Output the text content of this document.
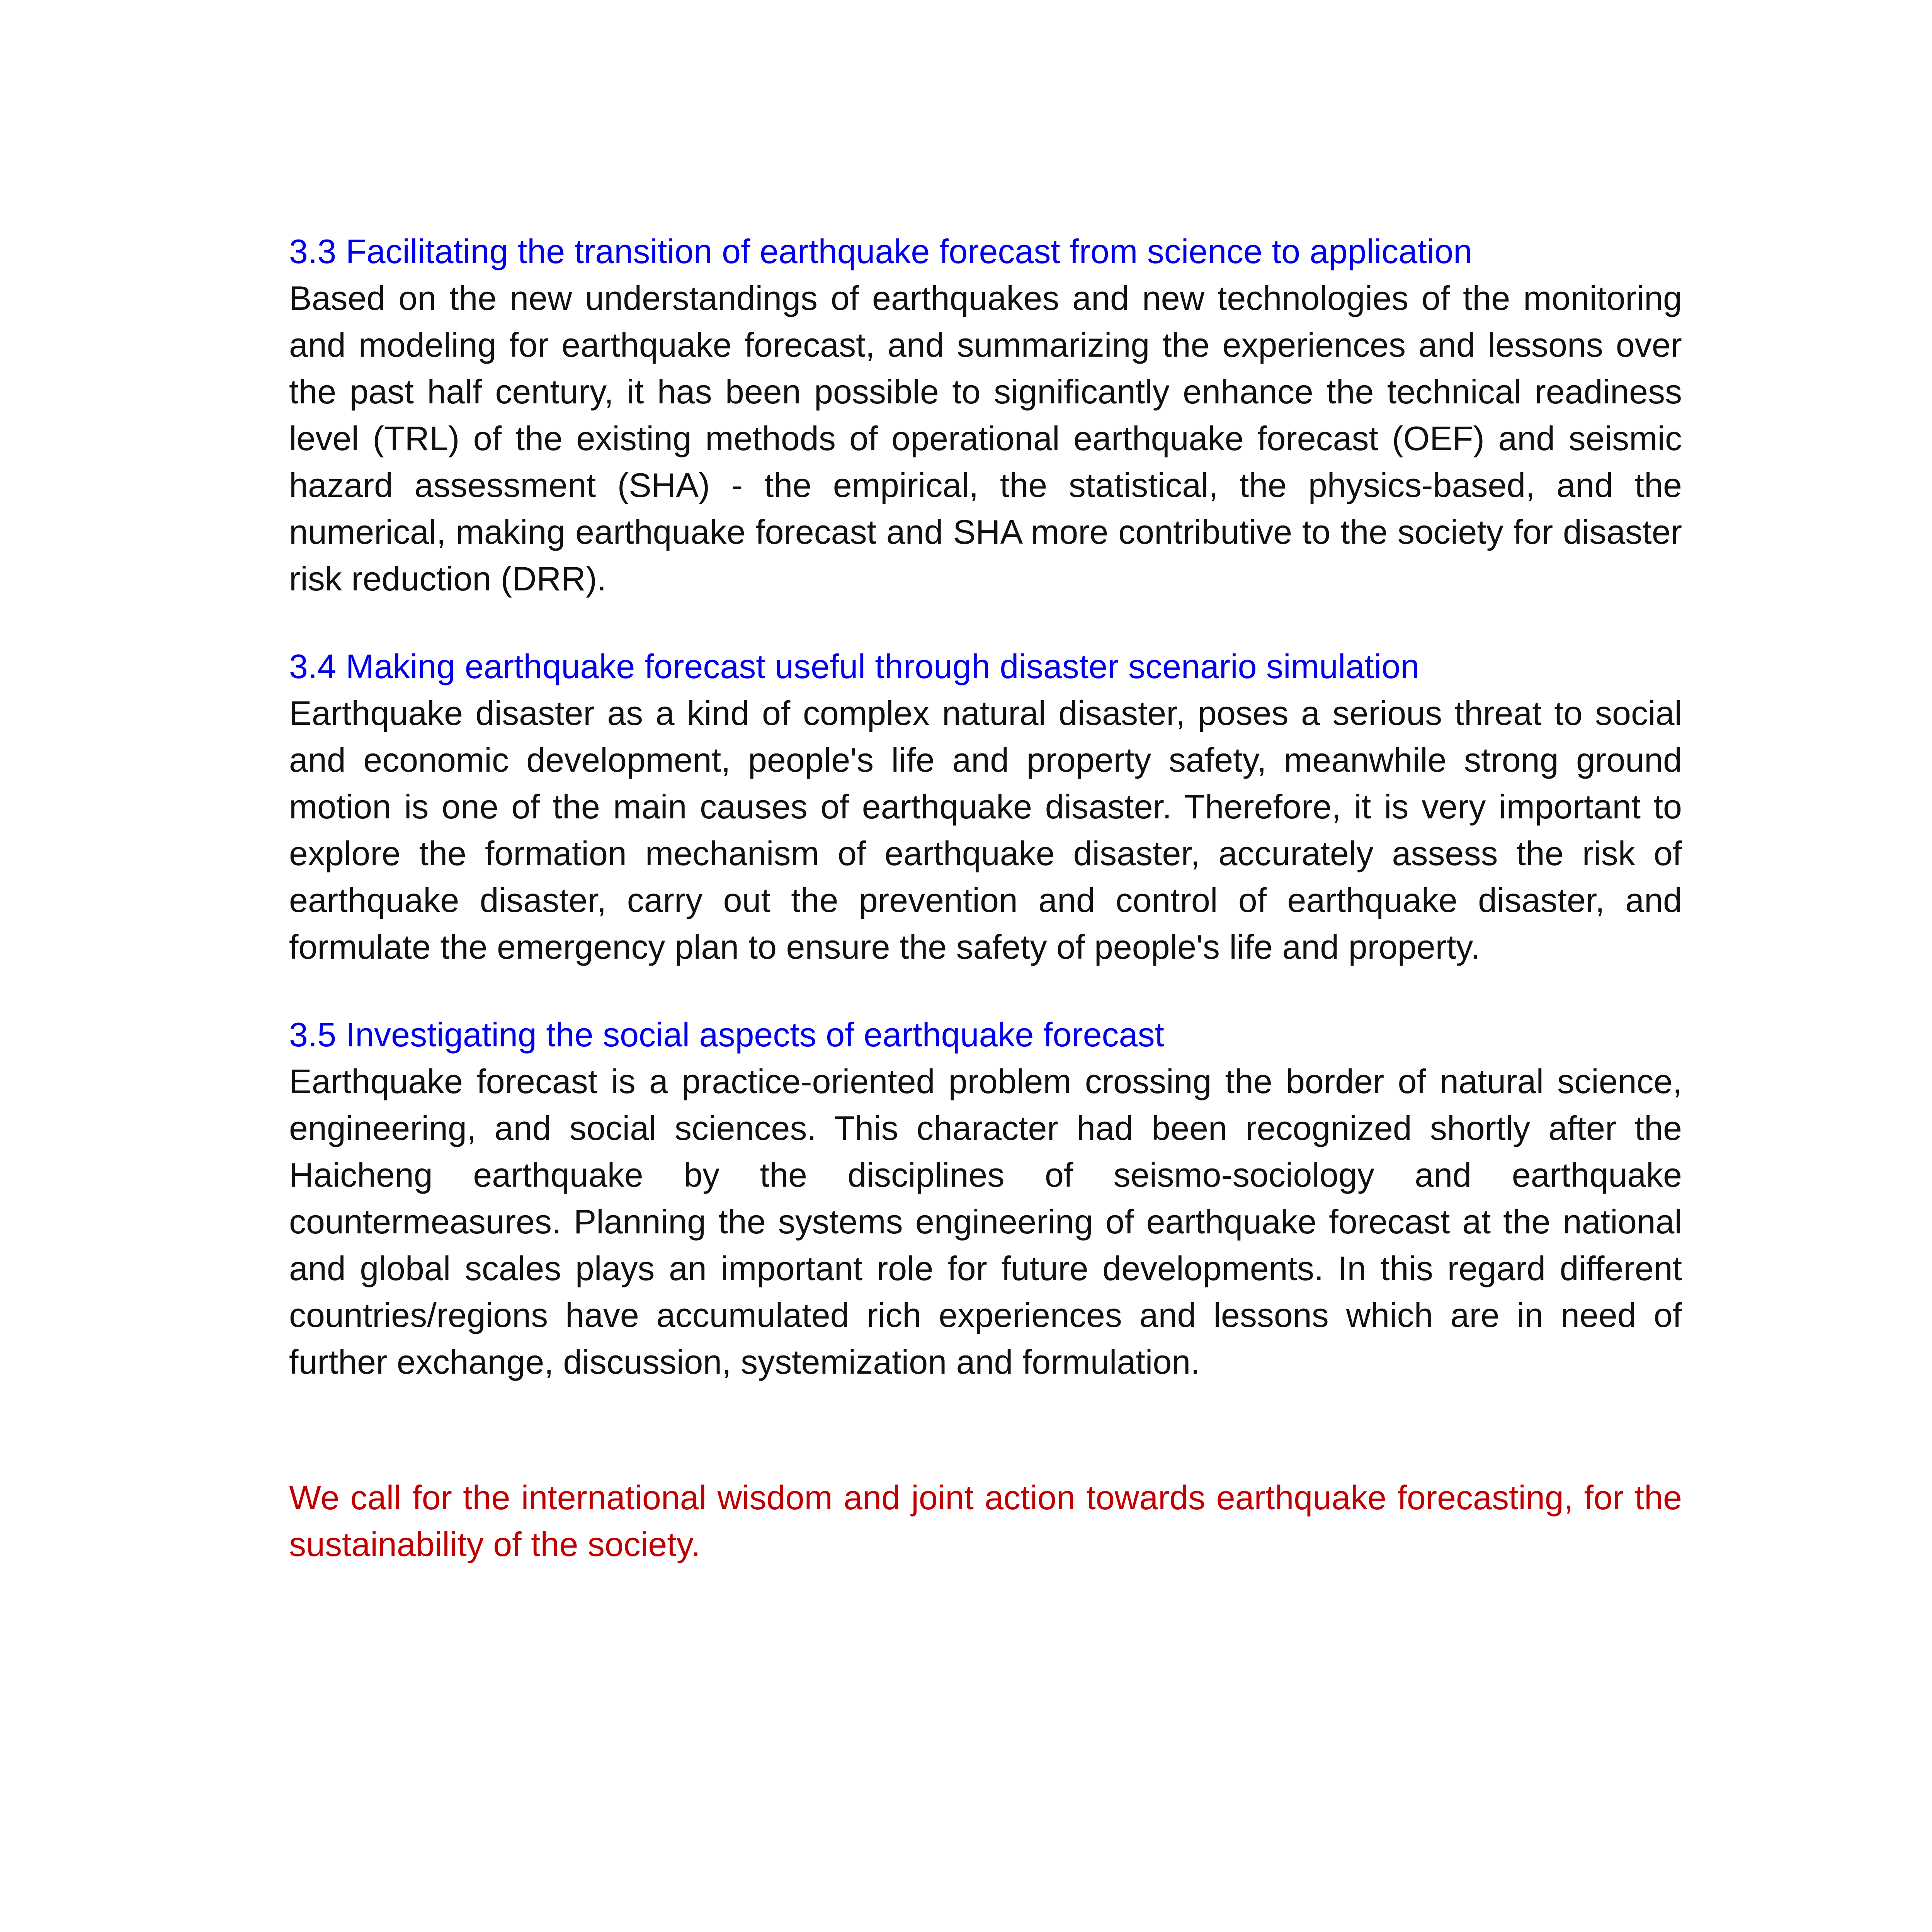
3.3 Facilitating the transition of earthquake forecast from science to application

Based on the new understandings of earthquakes and new technologies of the monitoring and modeling for earthquake forecast, and summarizing the experiences and lessons over the past half century, it has been possible to significantly enhance the technical readiness level (TRL) of the existing methods of operational earthquake forecast (OEF) and seismic hazard assessment (SHA) - the empirical, the statistical, the physics-based, and the numerical, making earthquake forecast and SHA more contributive to the society for disaster risk reduction (DRR).

3.4 Making earthquake forecast useful through disaster scenario simulation

Earthquake disaster as a kind of complex natural disaster, poses a serious threat to social and economic development, people's life and property safety, meanwhile strong ground motion is one of the main causes of earthquake disaster. Therefore, it is very important to explore the formation mechanism of earthquake disaster, accurately assess the risk of earthquake disaster, carry out the prevention and control of earthquake disaster, and formulate the emergency plan to ensure the safety of people's life and property.

3.5 Investigating the social aspects of earthquake forecast

Earthquake forecast is a practice-oriented problem crossing the border of natural science, engineering, and social sciences. This character had been recognized shortly after the Haicheng earthquake by the disciplines of seismo-sociology and earthquake countermeasures. Planning the systems engineering of earthquake forecast at the national and global scales plays an important role for future developments. In this regard different countries/regions have accumulated rich experiences and lessons which are in need of further exchange, discussion, systemization and formulation.

We call for the international wisdom and joint action towards earthquake forecasting, for the sustainability of the society.
